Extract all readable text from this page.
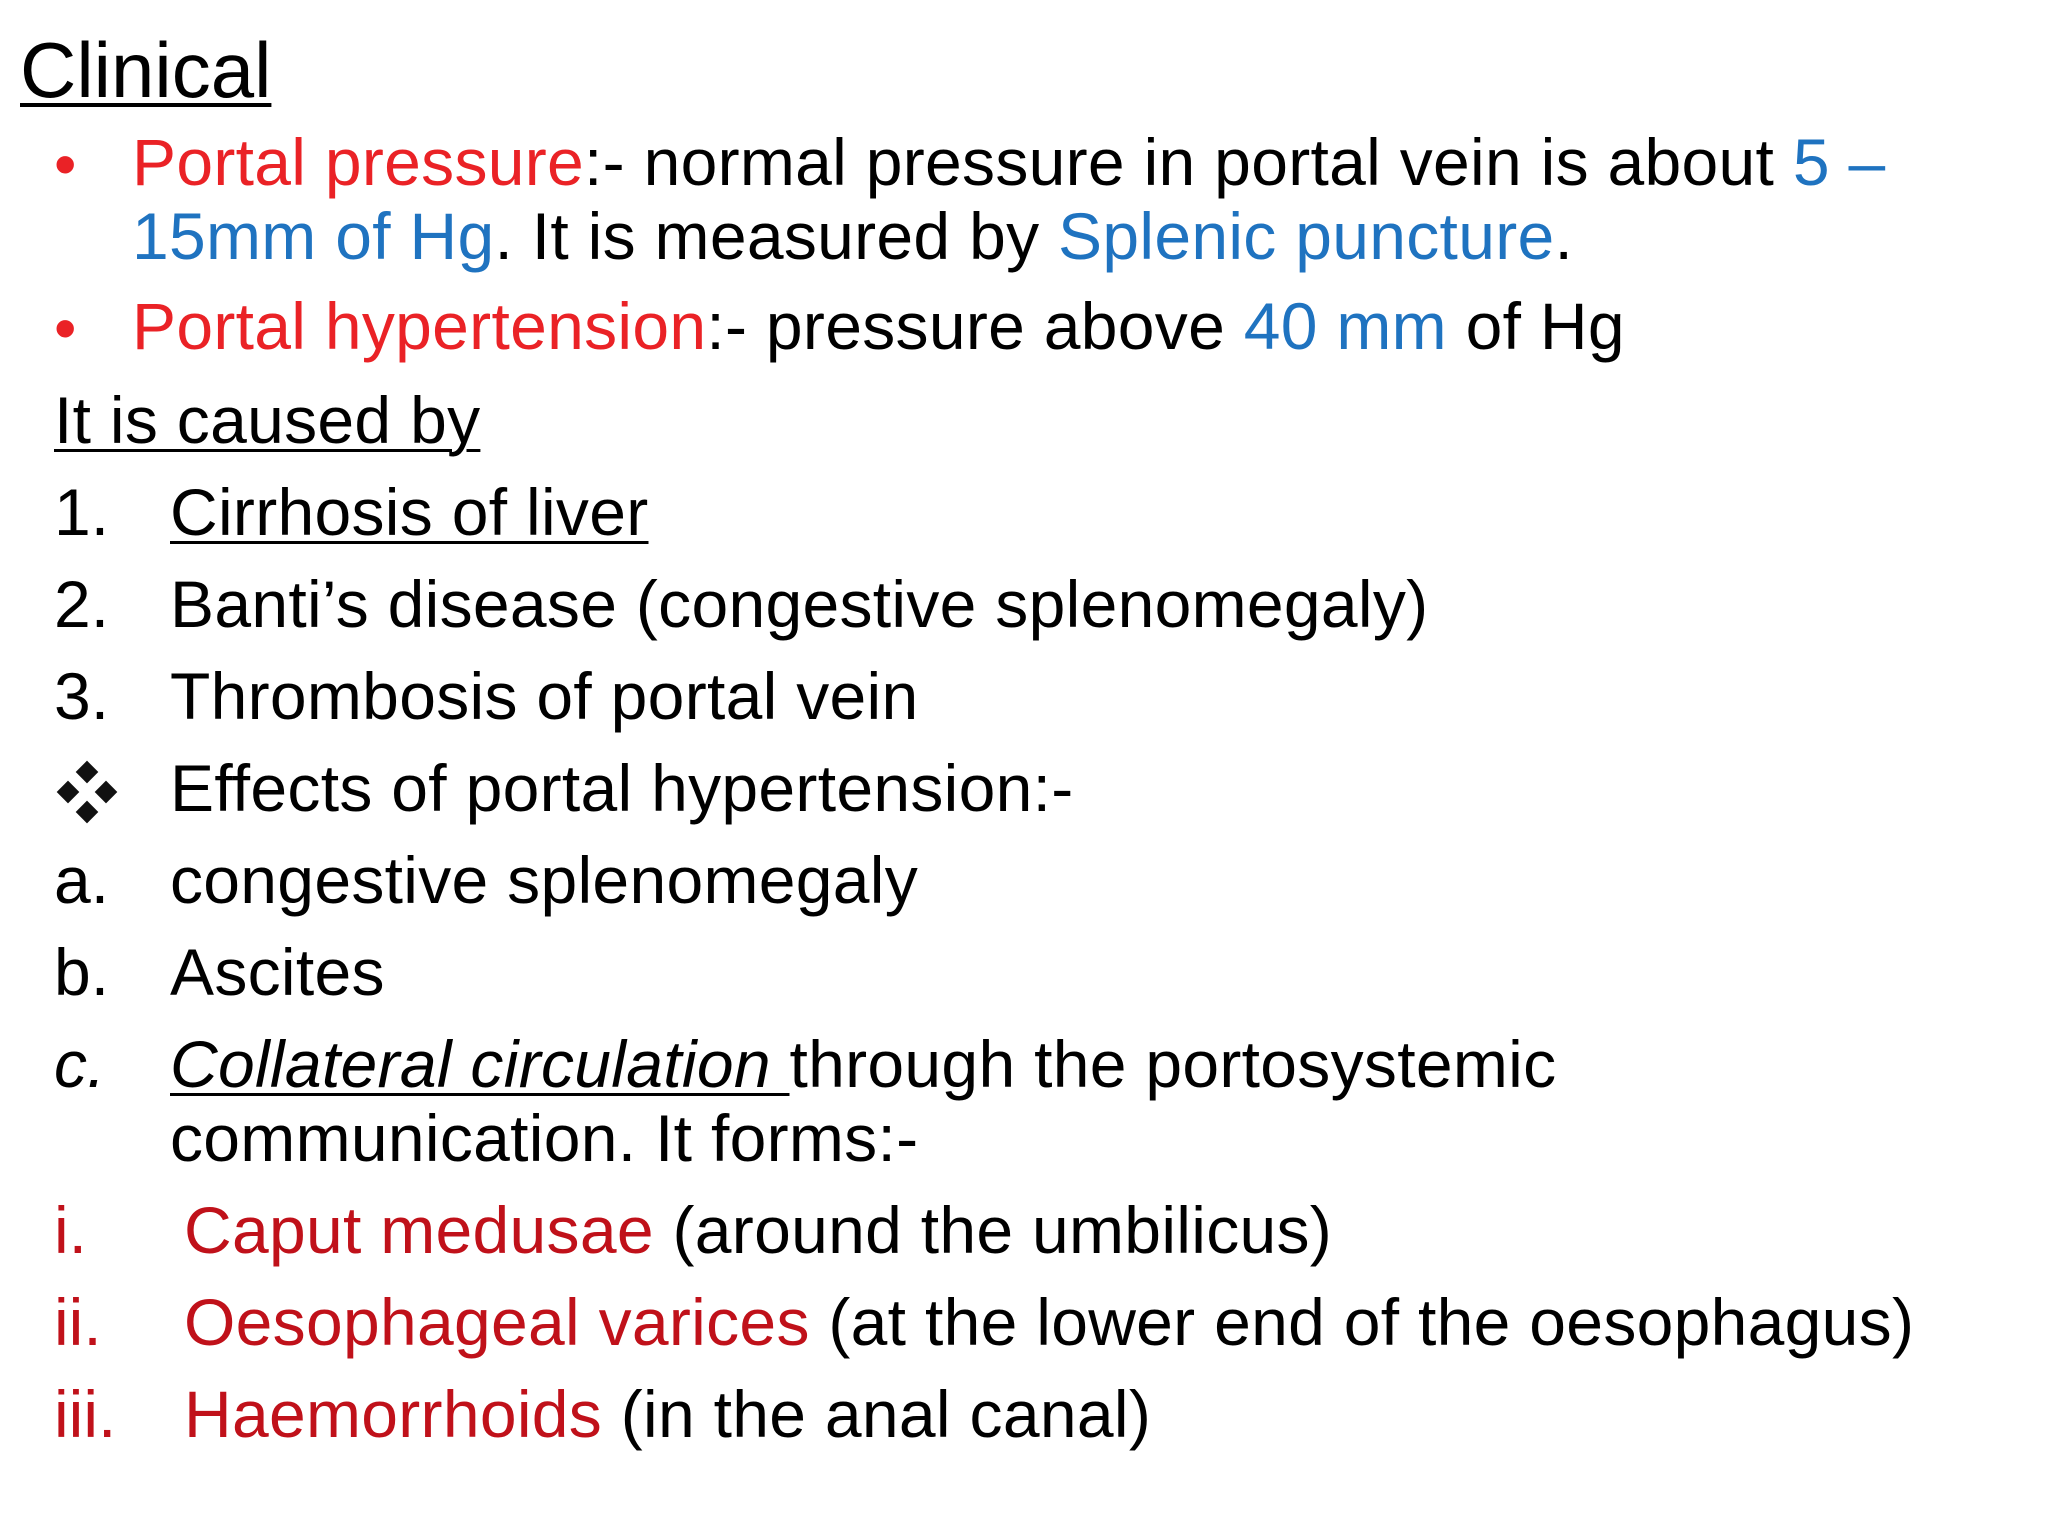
Clinical
• Portal pressure:- normal pressure in portal vein is about 5 –
15mm of Hg. It is measured by Splenic puncture.
• Portal hypertension:- pressure above 40 mm of Hg
It is caused by
1. Cirrhosis of liver
2. Banti’s disease (congestive splenomegaly)
3. Thrombosis of portal vein
Effects of portal hypertension:-
a. congestive splenomegaly
b. Ascites
c. Collateral circulation through the portosystemic
communication. It forms:-
i. Caput medusae (around the umbilicus)
ii. Oesophageal varices (at the lower end of the oesophagus)
iii. Haemorrhoids (in the anal canal)
